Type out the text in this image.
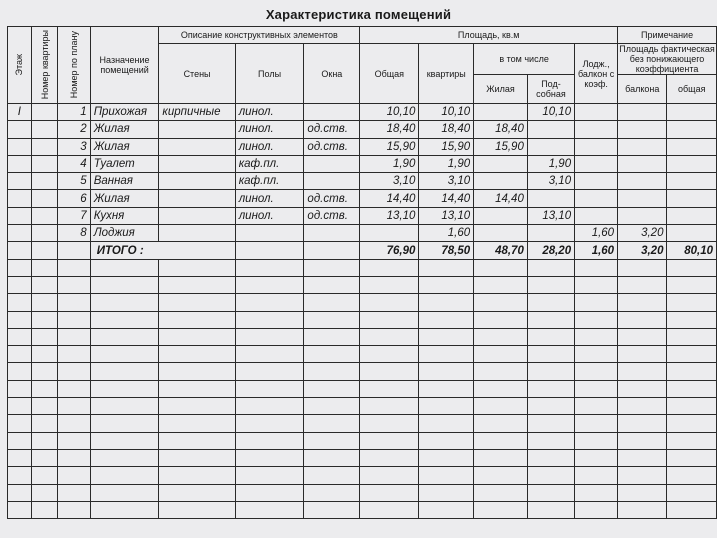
Характеристика помещений
Этаж	Номер квартиры	Номер по плану	Назначение помещений	Описание конструктивных элементов			Площадь, кв.м					Примечание	
				Стены	Полы	Окна	Общая	квартиры	в том числе		Лодж., балкон с коэф.	Площадь фактическая без понижающего коэффициента	
									Жилая	Под-собная		балкона	общая
I		1	Прихожая	кирпичные	линол.		10,10	10,10		10,10			
		2	Жилая		линол.	од.ств.	18,40	18,40	18,40				
		3	Жилая		линол.	од.ств.	15,90	15,90	15,90				
		4	Туалет		каф.пл.		1,90	1,90		1,90			
		5	Ванная		каф.пл.		3,10	3,10		3,10			
		6	Жилая		линол.	од.ств.	14,40	14,40	14,40				
		7	Кухня		линол.	од.ств.	13,10	13,10		13,10			
		8	Лоджия					1,60			1,60	3,20	
			ИТОГО :				76,90	78,50	48,70	28,20	1,60	3,20	80,10
